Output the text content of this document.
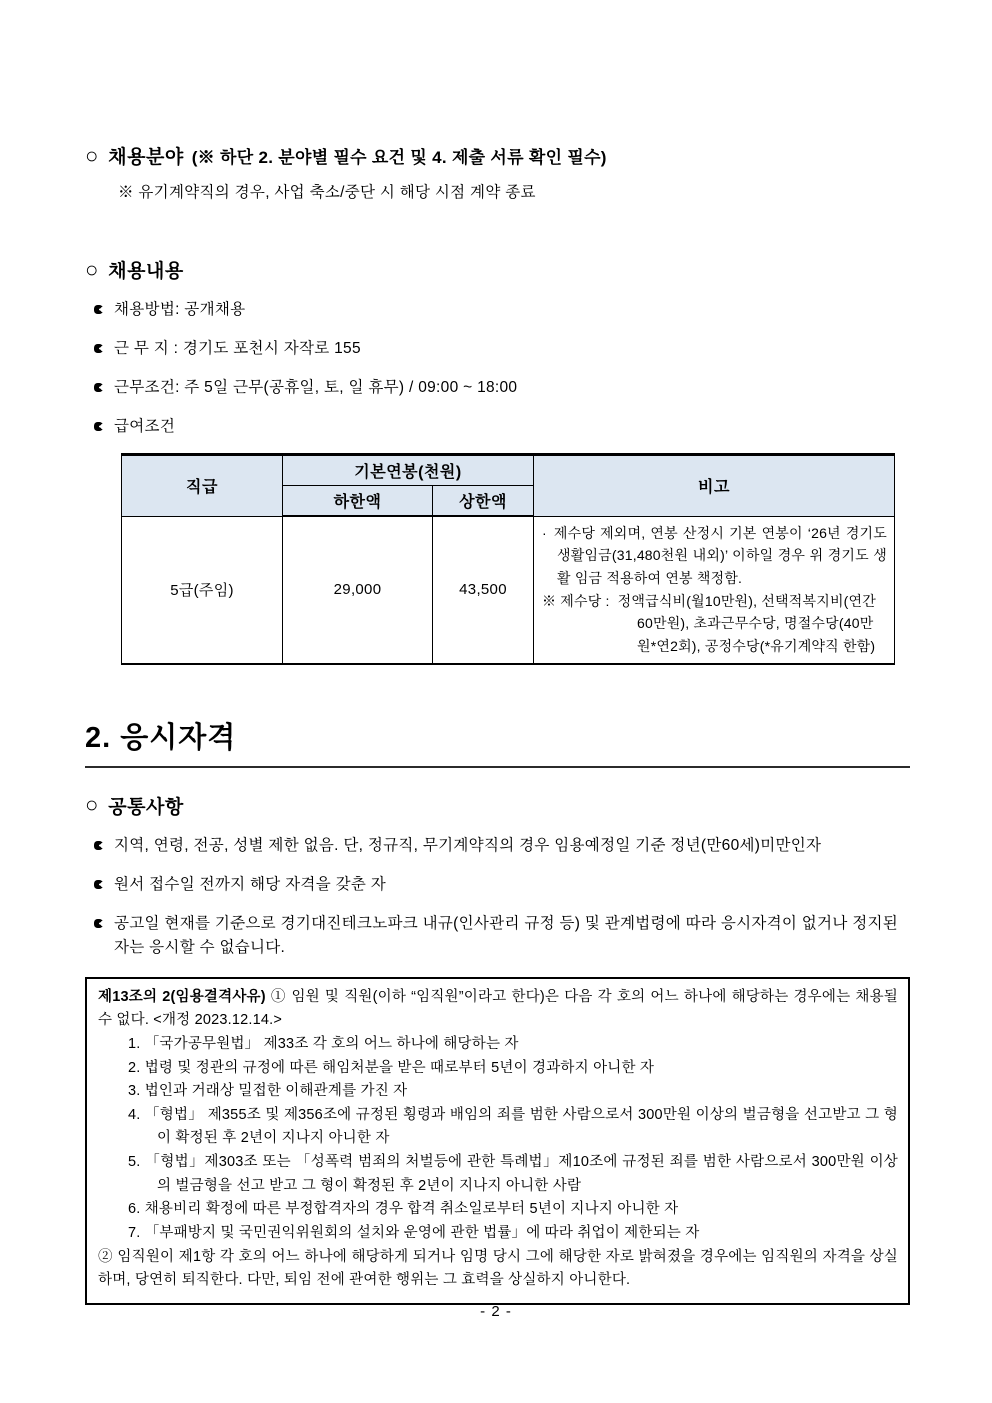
○ 채용분야 (※ 하단 2. 분야별 필수 요건 및 4. 제출 서류 확인 필수)
※ 유기계약직의 경우, 사업 축소/중단 시 해당 시점 계약 종료
○ 채용내용
채용방법: 공개채용
근 무 지 : 경기도 포천시 자작로 155
근무조건: 주 5일 근무(공휴일, 토, 일 휴무) / 09:00 ~ 18:00
급여조건
직급	기본연봉(천원)		비고
	하한액	상한액	
5급(주임)	29,000	43,500	· 제수당 제외며, 연봉 산정시 기본 연봉이 ‘26년 경기도 생활임금(31,480천원 내외)’ 이하일 경우 위 경기도 생활 임금 적용하여 연봉 책정함.

※ 제수당 : 정액급식비(월10만원), 선택적복지비(연간60만원), 초과근무수당, 명절수당(40만원*연2회), 공정수당(*유기계약직 한함)

2. 응시자격
○ 공통사항
지역, 연령, 전공, 성별 제한 없음. 단, 정규직, 무기계약직의 경우 임용예정일 기준 정년(만60세)미만인자
원서 접수일 전까지 해당 자격을 갖춘 자
공고일 현재를 기준으로 경기대진테크노파크 내규(인사관리 규정 등) 및 관계법령에 따라 응시자격이 없거나 정지된 자는 응시할 수 없습니다.

제13조의 2(임용결격사유) ① 임원 및 직원(이하 “임직원”이라고 한다)은 다음 각 호의 어느 하나에 해당하는 경우에는 채용될 수 없다. <개정 2023.12.14.>

1. 「국가공무원법」 제33조 각 호의 어느 하나에 해당하는 자

2. 법령 및 정관의 규정에 따른 해임처분을 받은 때로부터 5년이 경과하지 아니한 자

3. 법인과 거래상 밀접한 이해관계를 가진 자

4. 「형법」 제355조 및 제356조에 규정된 횡령과 배임의 죄를 범한 사람으로서 300만원 이상의 벌금형을 선고받고 그 형이 확정된 후 2년이 지나지 아니한 자

5. 「형법」제303조 또는 「성폭력 범죄의 처벌등에 관한 특례법」제10조에 규정된 죄를 범한 사람으로서 300만원 이상의 벌금형을 선고 받고 그 형이 확정된 후 2년이 지나지 아니한 사람

6. 채용비리 확정에 따른 부정합격자의 경우 합격 취소일로부터 5년이 지나지 아니한 자

7. 「부패방지 및 국민권익위원회의 설치와 운영에 관한 법률」에 따라 취업이 제한되는 자

② 임직원이 제1항 각 호의 어느 하나에 해당하게 되거나 임명 당시 그에 해당한 자로 밝혀졌을 경우에는 임직원의 자격을 상실하며, 당연히 퇴직한다. 다만, 퇴임 전에 관여한 행위는 그 효력을 상실하지 아니한다.

- 2 -
